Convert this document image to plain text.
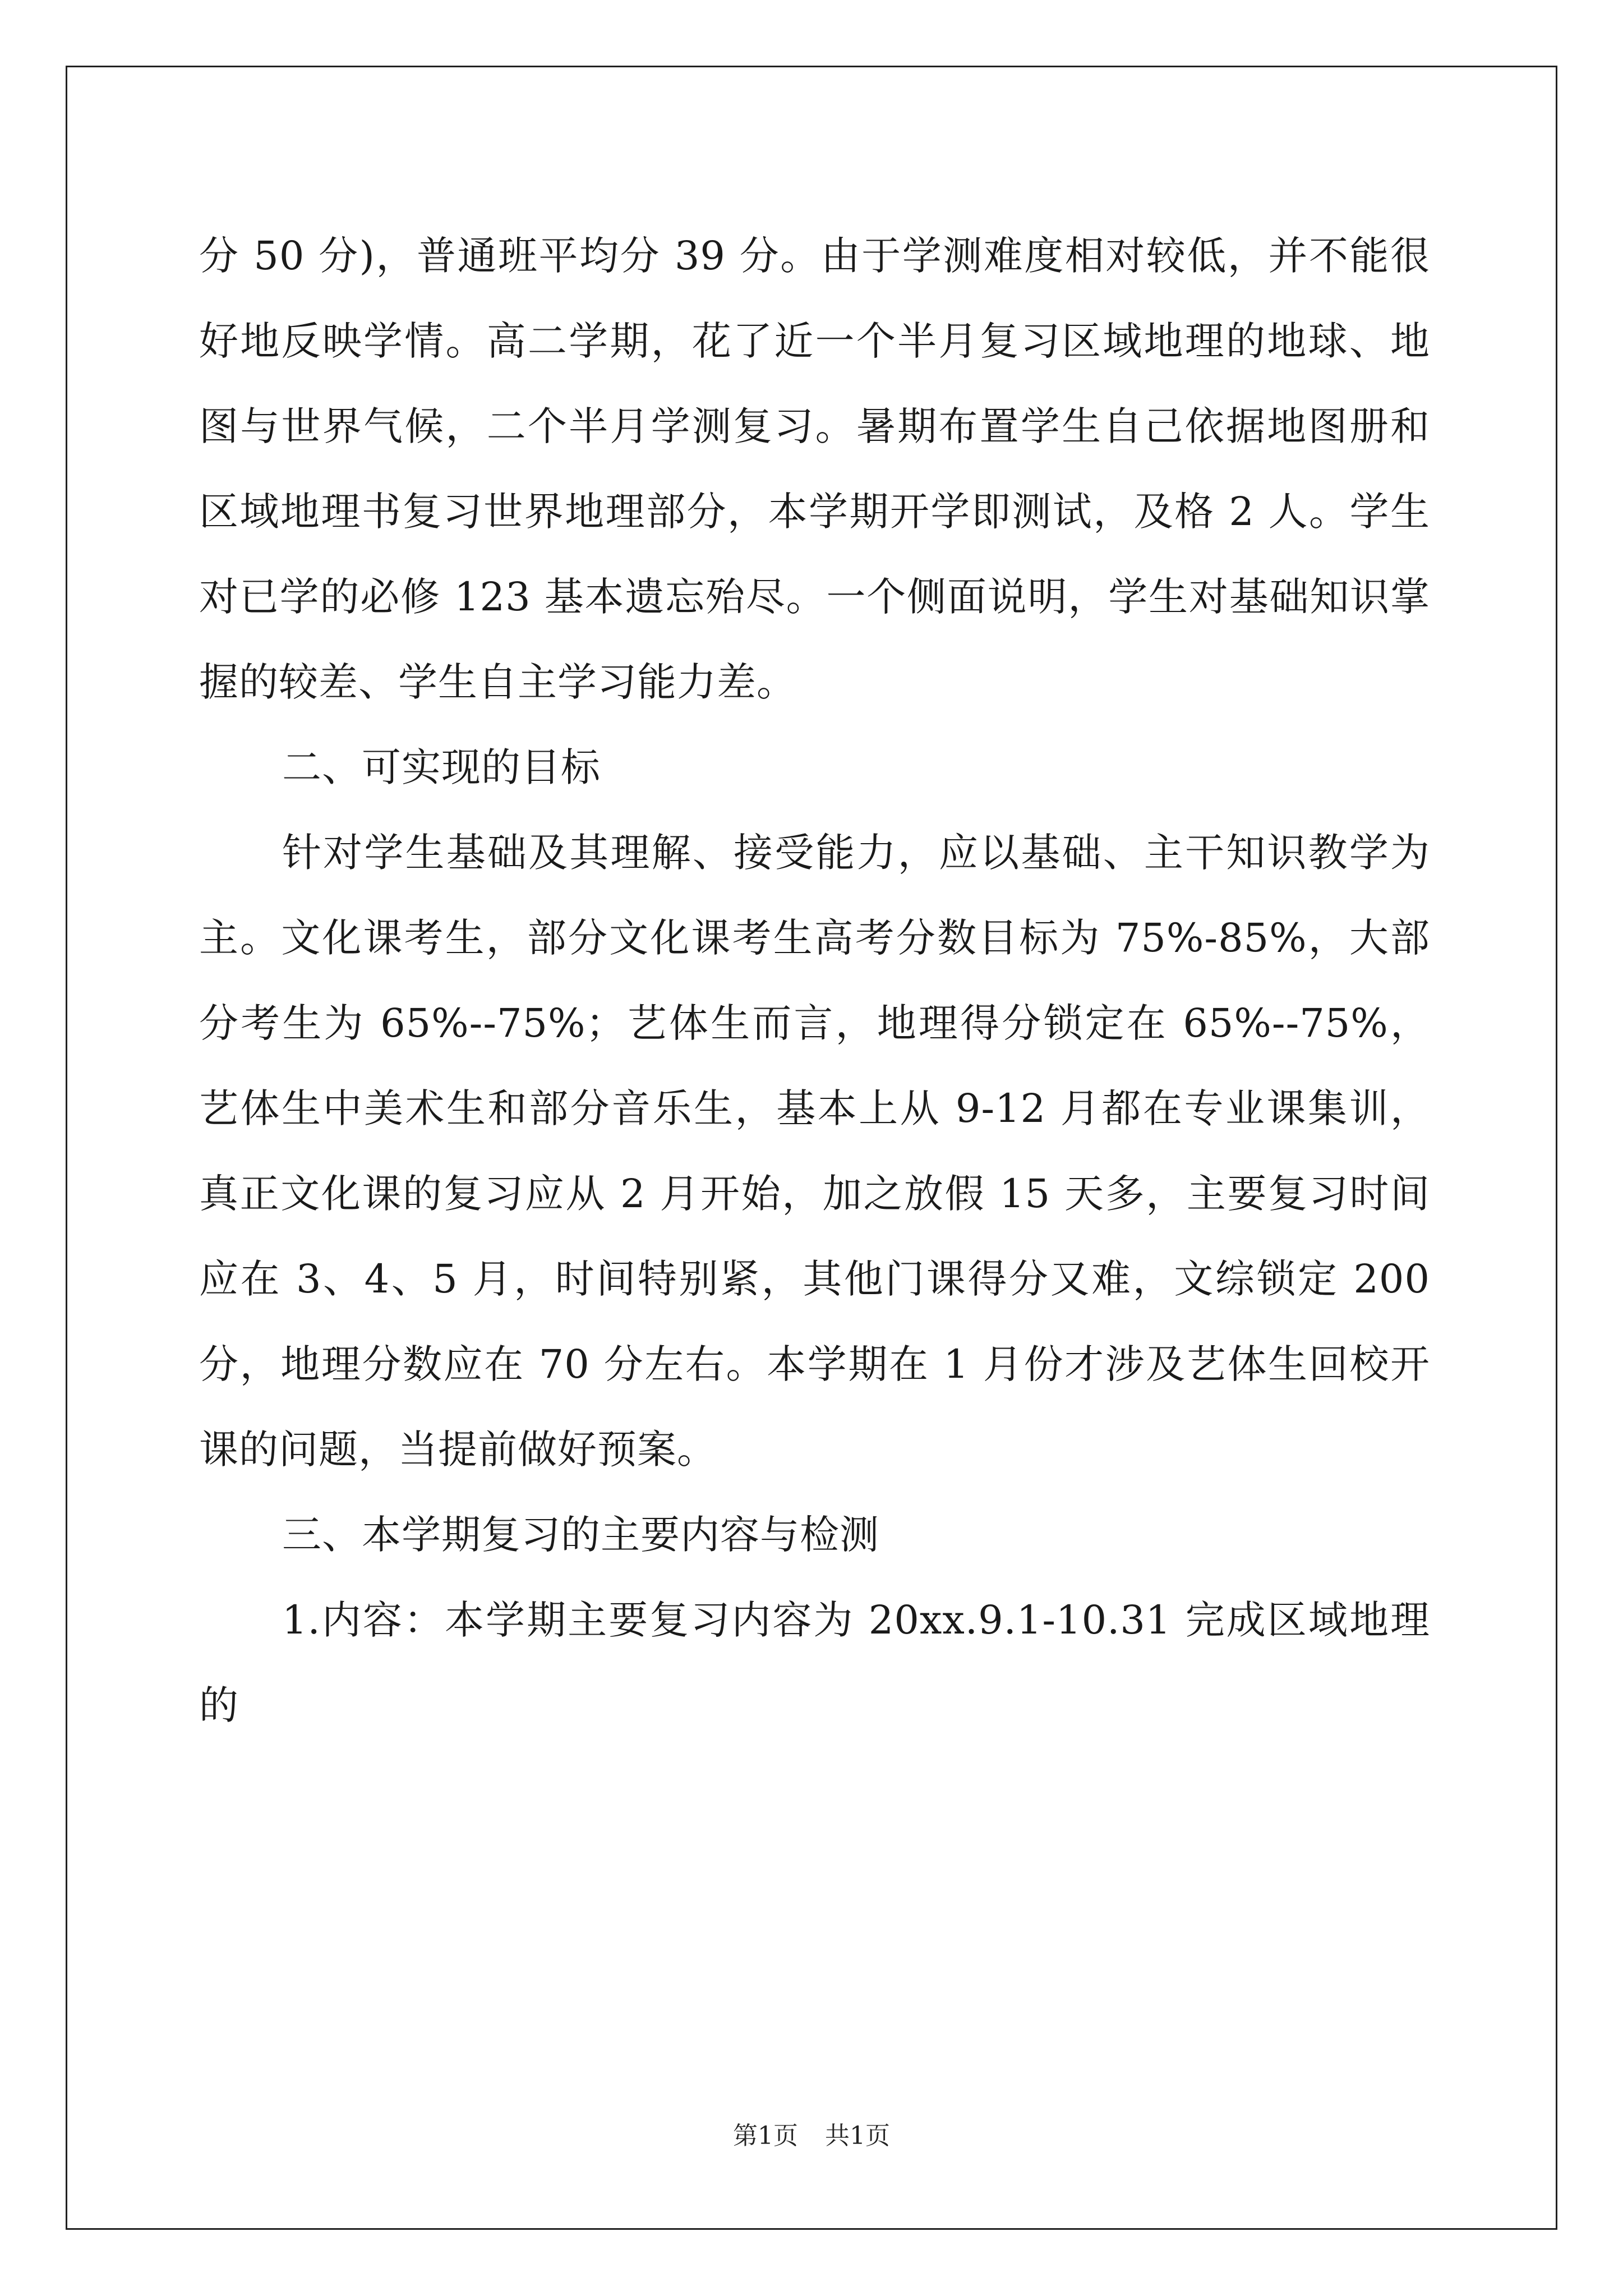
分 50 分)，普通班平均分 39 分。由于学测难度相对较低，并不能很好地反映学情。高二学期，花了近一个半月复习区域地理的地球、地图与世界气候，二个半月学测复习。暑期布置学生自己依据地图册和区域地理书复习世界地理部分，本学期开学即测试，及格 2 人。学生对已学的必修 123 基本遗忘殆尽。一个侧面说明，学生对基础知识掌握的较差、学生自主学习能力差。

二、可实现的目标

针对学生基础及其理解、接受能力，应以基础、主干知识教学为主。文化课考生，部分文化课考生高考分数目标为 75%-85%，大部分考生为 65%--75%；艺体生而言，地理得分锁定在 65%--75%，艺体生中美术生和部分音乐生，基本上从 9-12 月都在专业课集训，真正文化课的复习应从 2 月开始，加之放假 15 天多，主要复习时间应在 3、4、5 月，时间特别紧，其他门课得分又难，文综锁定 200 分，地理分数应在 70 分左右。本学期在 1 月份才涉及艺体生回校开课的问题，当提前做好预案。

三、本学期复习的主要内容与检测

1.内容：本学期主要复习内容为 20xx.9.1-10.31 完成区域地理的

第1页 共1页
